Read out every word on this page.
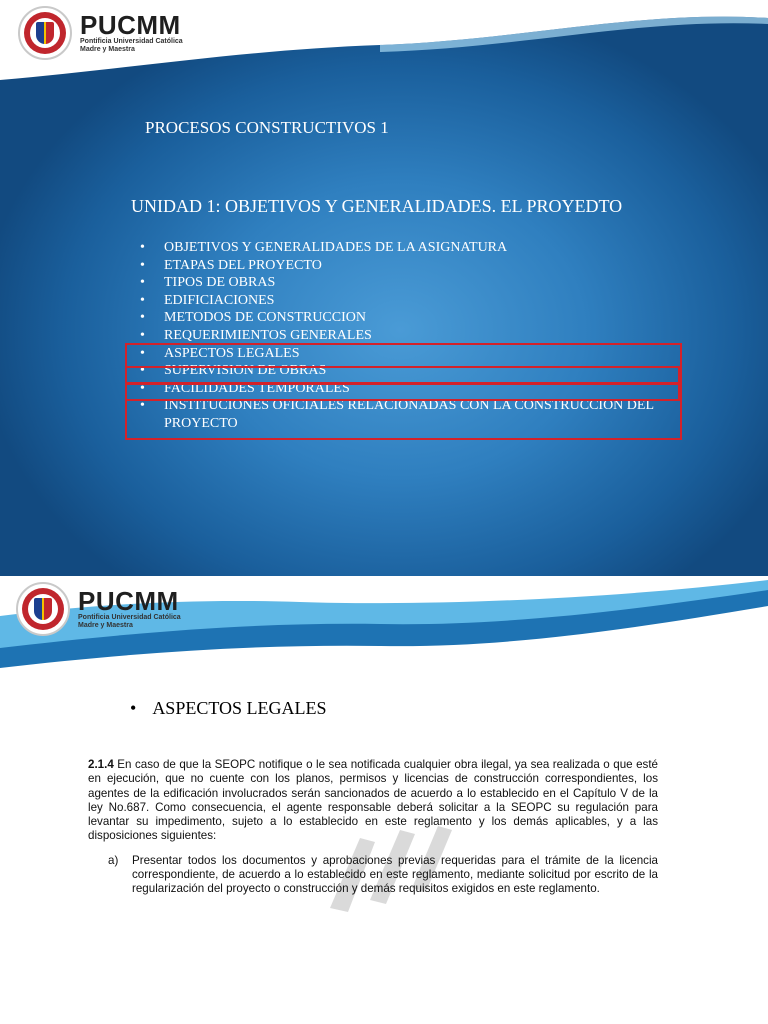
PUCMM
Pontificia Universidad Católica
Madre y Maestra
PROCESOS CONSTRUCTIVOS 1
UNIDAD 1: OBJETIVOS Y GENERALIDADES. EL PROYEDTO
• OBJETIVOS Y GENERALIDADES DE LA ASIGNATURA
• ETAPAS DEL PROYECTO
• TIPOS DE OBRAS
• EDIFICIACIONES
• METODOS DE CONSTRUCCION
• REQUERIMIENTOS GENERALES
• ASPECTOS LEGALES
• SUPERVISION DE OBRAS
• FACILIDADES TEMPORALES
• INSTITUCIONES OFICIALES RELACIONADAS CON LA CONSTRUCCION DEL
PROYECTO
PUCMM
Pontificia Universidad Católica
Madre y Maestra
• ASPECTOS LEGALES
2.1.4 En caso de que la SEOPC notifique o le sea notificada cualquier obra ilegal, ya sea realizada o que esté en ejecución, que no cuente con los planos, permisos y licencias de construcción correspondientes, los agentes de la edificación involucrados serán sancionados de acuerdo a lo establecido en el Capítulo V de la ley No.687. Como consecuencia, el agente responsable deberá solicitar a la SEOPC su regulación para levantar su impedimento, sujeto a lo establecido en este reglamento y los demás aplicables, y a las disposiciones siguientes:
a)	Presentar todos los documentos y aprobaciones previas requeridas para el trámite de la licencia correspondiente, de acuerdo a lo establecido en este reglamento, mediante solicitud por escrito de la regularización del proyecto o construcción y demás requisitos exigidos en este reglamento.
